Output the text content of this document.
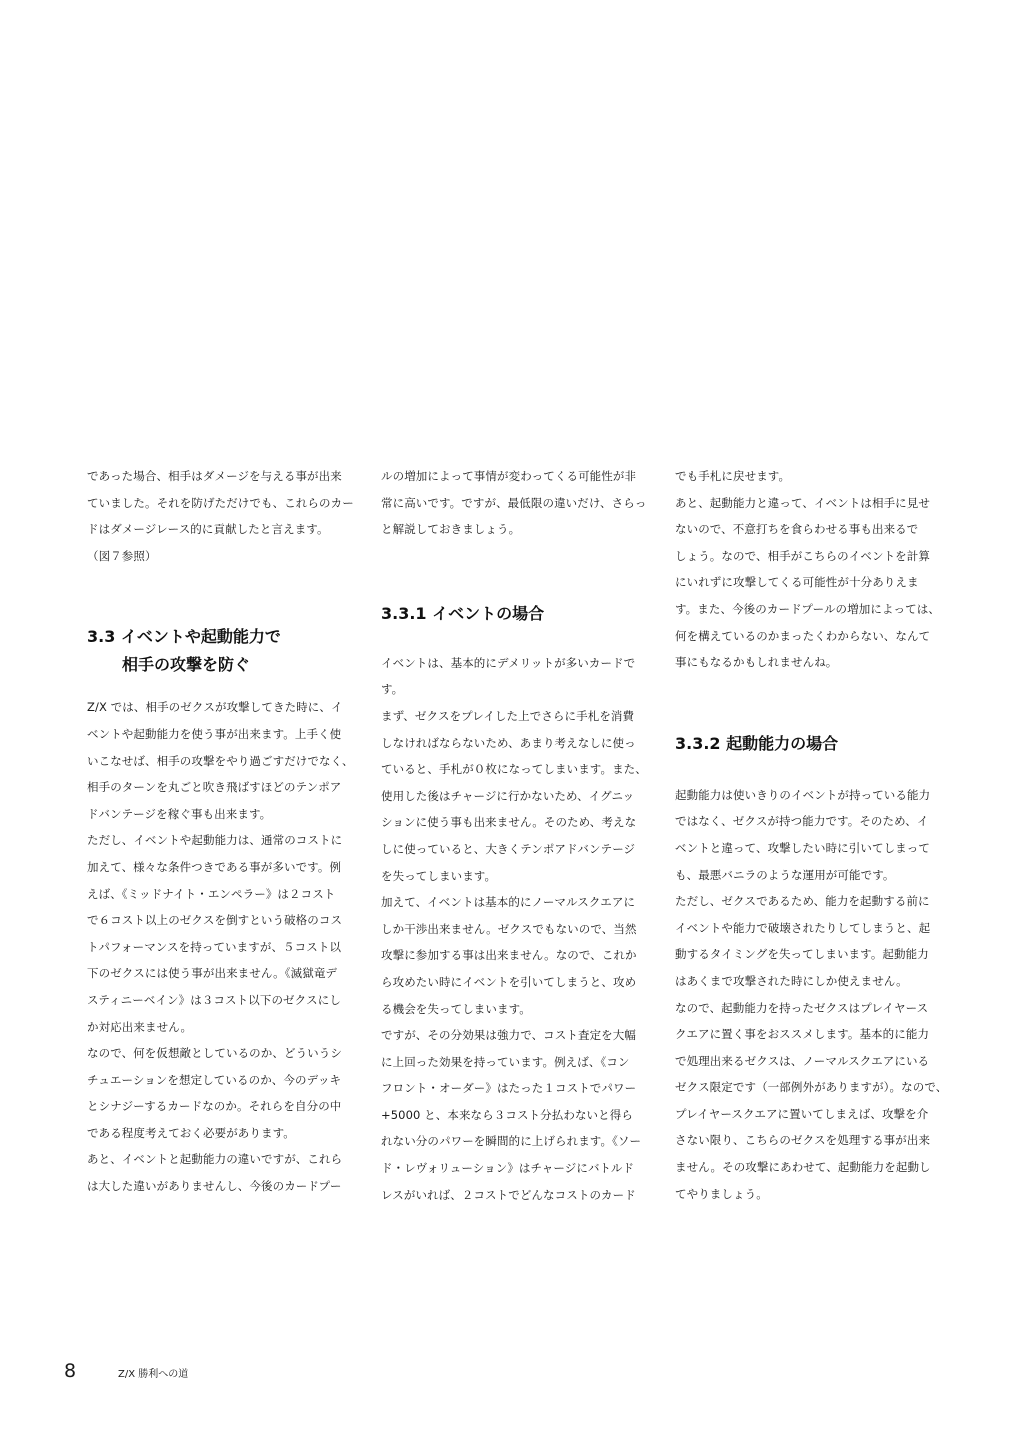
であった場合、相手はダメージを与える事が出来
ていました。それを防げただけでも、これらのカー
ドはダメージレース的に貢献したと言えます。
（図７参照）
3.3 イベントや起動能力で
相手の攻撃を防ぐ
Z/X では、相手のゼクスが攻撃してきた時に、イ
ベントや起動能力を使う事が出来ます。上手く使
いこなせば、相手の攻撃をやり過ごすだけでなく、
相手のターンを丸ごと吹き飛ばすほどのテンポア
ドバンテージを稼ぐ事も出来ます。
ただし、イベントや起動能力は、通常のコストに
加えて、様々な条件つきである事が多いです。例
えば、《ミッドナイト・エンペラー》は２コスト
で６コスト以上のゼクスを倒すという破格のコス
トパフォーマンスを持っていますが、５コスト以
下のゼクスには使う事が出来ません。《滅獄竜デ
スティニーベイン》は３コスト以下のゼクスにし
か対応出来ません。
なので、何を仮想敵としているのか、どういうシ
チュエーションを想定しているのか、今のデッキ
とシナジーするカードなのか。それらを自分の中
である程度考えておく必要があります。
あと、イベントと起動能力の違いですが、これら
は大した違いがありませんし、今後のカードプー
ルの増加によって事情が変わってくる可能性が非
常に高いです。ですが、最低限の違いだけ、さらっ
と解説しておきましょう。
3.3.1 イベントの場合
イベントは、基本的にデメリットが多いカードで
す。
まず、ゼクスをプレイした上でさらに手札を消費
しなければならないため、あまり考えなしに使っ
ていると、手札が０枚になってしまいます。また、
使用した後はチャージに行かないため、イグニッ
ションに使う事も出来ません。そのため、考えな
しに使っていると、大きくテンポアドバンテージ
を失ってしまいます。
加えて、イベントは基本的にノーマルスクエアに
しか干渉出来ません。ゼクスでもないので、当然
攻撃に参加する事は出来ません。なので、これか
ら攻めたい時にイベントを引いてしまうと、攻め
る機会を失ってしまいます。
ですが、その分効果は強力で、コスト査定を大幅
に上回った効果を持っています。例えば、《コン
フロント・オーダー》はたった１コストでパワー
+5000 と、本来なら３コスト分払わないと得ら
れない分のパワーを瞬間的に上げられます。《ソー
ド・レヴォリューション》はチャージにバトルド
レスがいれば、２コストでどんなコストのカード
でも手札に戻せます。
あと、起動能力と違って、イベントは相手に見せ
ないので、不意打ちを食らわせる事も出来るで
しょう。なので、相手がこちらのイベントを計算
にいれずに攻撃してくる可能性が十分ありえま
す。また、今後のカードプールの増加によっては、
何を構えているのかまったくわからない、なんて
事にもなるかもしれませんね。
3.3.2 起動能力の場合
起動能力は使いきりのイベントが持っている能力
ではなく、ゼクスが持つ能力です。そのため、イ
ベントと違って、攻撃したい時に引いてしまって
も、最悪バニラのような運用が可能です。
ただし、ゼクスであるため、能力を起動する前に
イベントや能力で破壊されたりしてしまうと、起
動するタイミングを失ってしまいます。起動能力
はあくまで攻撃された時にしか使えません。
なので、起動能力を持ったゼクスはプレイヤース
クエアに置く事をおススメします。基本的に能力
で処理出来るゼクスは、ノーマルスクエアにいる
ゼクス限定です（一部例外がありますが）。なので、
プレイヤースクエアに置いてしまえば、攻撃を介
さない限り、こちらのゼクスを処理する事が出来
ません。その攻撃にあわせて、起動能力を起動し
てやりましょう。
8	Z/X 勝利への道
